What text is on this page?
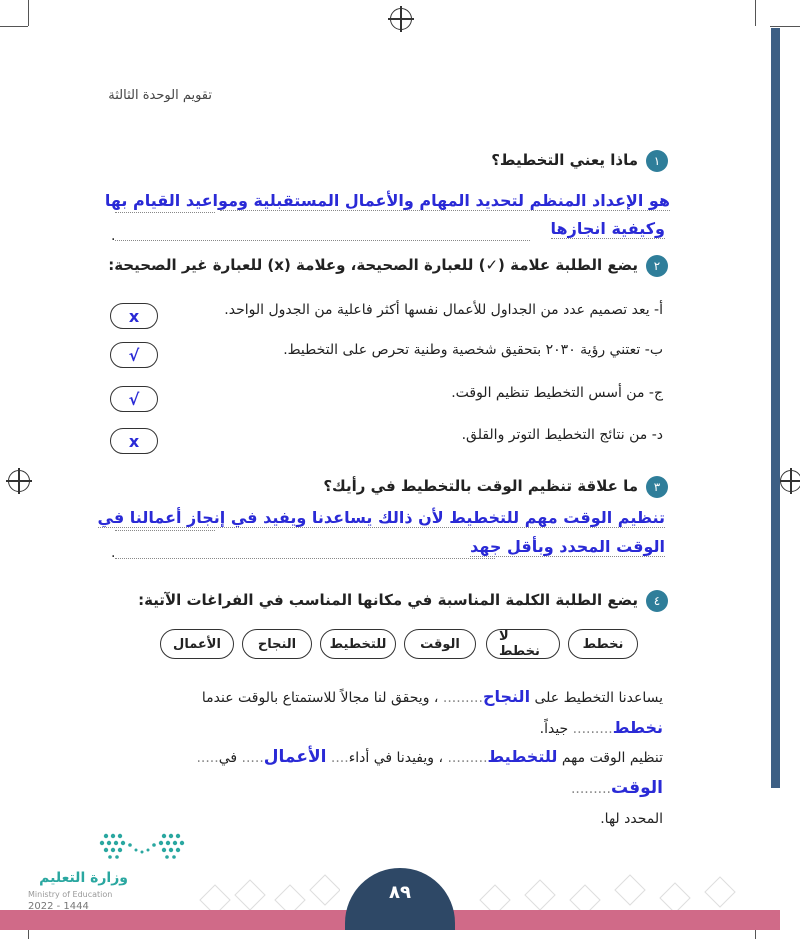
تقويم الوحدة الثالثة
١
ماذا يعني التخطيط؟
هو الإعداد المنظم لتحديد المهام والأعمال المستقبلية ومواعيد القيام بها
وكيفية انجازها
.
٢
يضع الطلبة علامة (✓) للعبارة الصحيحة، وعلامة (x) للعبارة غير الصحيحة:
أ- يعد تصميم عدد من الجداول للأعمال نفسها أكثر فاعلية من الجدول الواحد.
x
ب- تعتني رؤية ٢٠٣٠ بتحقيق شخصية وطنية تحرص على التخطيط.
√
ج- من أسس التخطيط تنظيم الوقت.
√
د- من نتائج التخطيط التوتر والقلق.
x
٣
ما علاقة تنظيم الوقت بالتخطيط في رأيك؟
تنظيم الوقت مهم للتخطيط لأن ذالك يساعدنا ويفيد في إنجاز أعمالنا في
الوقت المحدد وبأقل جهد
.
٤
يضع الطلبة الكلمة المناسبة في مكانها المناسب في الفراغات الآتية:
نخطط
لا نخطط
الوقت
للتخطيط
النجاح
الأعمال
يساعدنا التخطيط على النجاح......... ، ويحقق لنا مجالاً للاستمتاع بالوقت عندما
نخطط......... جيداً.
تنظيم الوقت مهم للتخطيط......... ، ويفيدنا في أداء.... الأعمال..... في..... الوقت.........
المحدد لها.
٨٩
وزارة التعليم
Ministry of Education
2022 - 1444
